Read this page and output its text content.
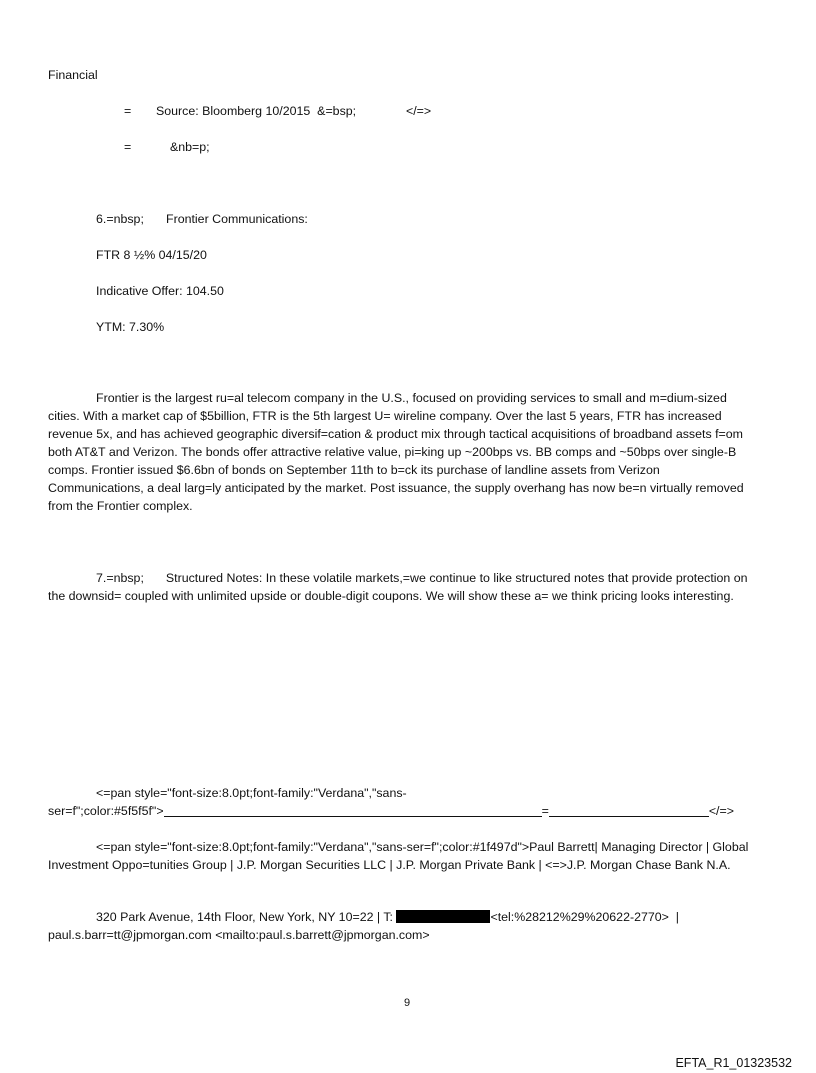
Financial
= Source: Bloomberg 10/2015  &=bsp;	</=>
=	&nb=p;
6.=nbsp; Frontier Communications:
FTR 8 ½% 04/15/20
Indicative Offer: 104.50
YTM: 7.30%
Frontier is the largest ru=al telecom company in the U.S., focused on providing services to small and m=dium-sized cities. With a market cap of $5billion, FTR is the 5th largest U= wireline company. Over the last 5 years, FTR has increased revenue 5x, and has achieved geographic diversif=cation & product mix through tactical acquisitions of broadband assets f=om both AT&T and Verizon. The bonds offer attractive relative value, pi=king up ~200bps vs. BB comps and ~50bps over single-B comps. Frontier issued $6.6bn of bonds on September 11th to b=ck its purchase of landline assets from Verizon Communications, a deal larg=ly anticipated by the market. Post issuance, the supply overhang has now be=n virtually removed from the Frontier complex.
7.=nbsp; Structured Notes: In these volatile markets,=we continue to like structured notes that provide protection on the downsid= coupled with unlimited upside or double-digit coupons. We will show these a= we think pricing looks interesting.
<=pan style="font-size:8.0pt;font-family:"Verdana","sans-
ser=f";color:#5f5f5f">	=	</=>
<=pan style="font-size:8.0pt;font-family:"Verdana","sans-ser=f";color:#1f497d">Paul Barrett| Managing Director | Global Investment Oppo=tunities Group | J.P. Morgan Securities LLC | J.P. Morgan Private Bank | <=>J.P. Morgan Chase Bank N.A.
320 Park Avenue, 14th Floor, New York, NY 10=22 | T:	<tel:%28212%29%20622-2770>  |
paul.s.barr=tt@jpmorgan.com <mailto:paul.s.barrett@jpmorgan.com>
9
EFTA_R1_01323532
